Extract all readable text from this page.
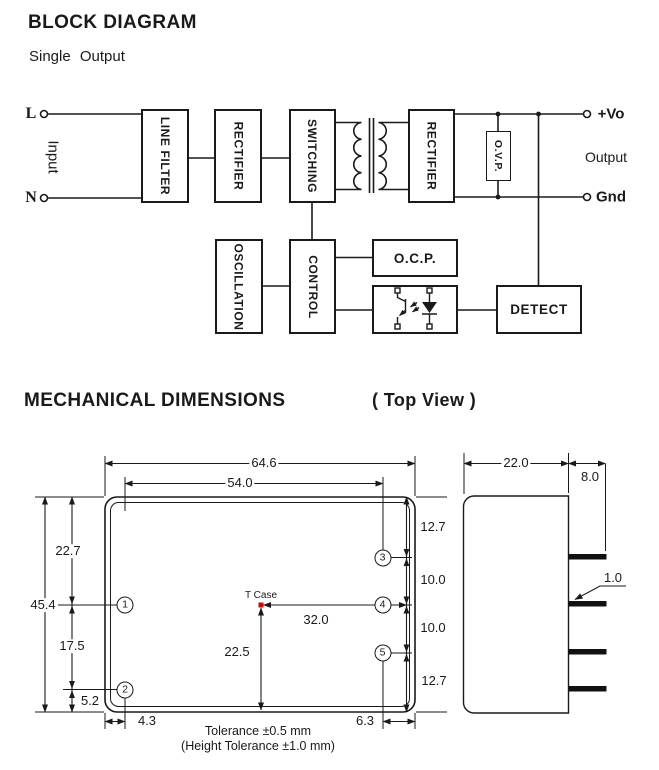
BLOCK DIAGRAM
Single Output
MECHANICAL DIMENSIONS	( Top View )
LINE FILTER	RECTIFIER	SWITCHING	RECTIFIER	O.V.P.
OSCILLATION	CONTROL	O.C.P.
DETECT
L
N
Input
+Vo
Output
Gnd
64.6
54.0
45.4
22.7
17.5
5.2
4.3	6.3
12.7
10.0
10.0
12.7
32.0
22.5
T Case
22.0
8.0
1.0
Tolerance ±0.5 mm
(Height Tolerance ±1.0 mm)
1
2
3
4
5
